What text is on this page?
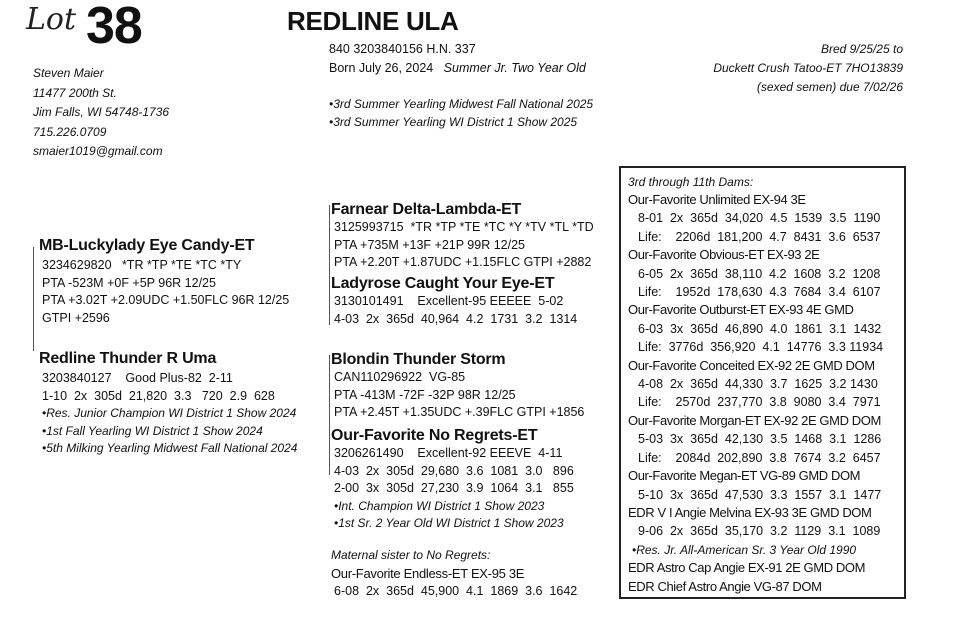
Lot 38	REDLINE ULA
840 3203840156 H.N. 337
Born July 26, 2024 Summer Jr. Two Year Old
•3rd Summer Yearling Midwest Fall National 2025
•3rd Summer Yearling WI District 1 Show 2025
Steven Maier
11477 200th St.
Jim Falls, WI 54748-1736
715.226.0709
smaier1019@gmail.com
Bred 9/25/25 to
Duckett Crush Tatoo-ET 7HO13839
(sexed semen) due 7/02/26
MB-Luckylady Eye Candy-ET
3234629820   *TR *TP *TE *TC *TY
PTA -523M +0F +5P 96R 12/25
PTA +3.02T +2.09UDC +1.50FLC 96R 12/25
GTPI +2596
Redline Thunder R Uma
3203840127    Good Plus-82  2-11
1-10  2x  305d  21,820  3.3   720  2.9  628
•Res. Junior Champion WI District 1 Show 2024
•1st Fall Yearling WI District 1 Show 2024
•5th Milking Yearling Midwest Fall National 2024
Farnear Delta-Lambda-ET
3125993715  *TR *TP *TE *TC *Y *TV *TL *TD
PTA +735M +13F +21P 99R 12/25
PTA +2.20T +1.87UDC +1.15FLC GTPI +2882
Ladyrose Caught Your Eye-ET
3130101491    Excellent-95 EEEEE  5-02
4-03  2x  365d  40,964  4.2  1731  3.2  1314
Blondin Thunder Storm
CAN110296922  VG-85
PTA -413M -72F -32P 98R 12/25
PTA +2.45T +1.35UDC +.39FLC GTPI +1856
Our-Favorite No Regrets-ET
3206261490    Excellent-92 EEEVE  4-11
4-03  2x  305d  29,680  3.6  1081  3.0   896
2-00  3x  305d  27,230  3.9  1064  3.1   855
•Int. Champion WI District 1 Show 2023
•1st Sr. 2 Year Old WI District 1 Show 2023
Maternal sister to No Regrets:
Our-Favorite Endless-ET EX-95 3E
6-08  2x  365d  45,900  4.1  1869  3.6  1642
3rd through 11th Dams:
Our-Favorite Unlimited EX-94 3E
8-01  2x  365d  34,020  4.5  1539  3.5  1190
Life:    2206d  181,200  4.7  8431  3.6  6537
Our-Favorite Obvious-ET EX-93 2E
6-05  2x  365d  38,110  4.2  1608  3.2  1208
Life:    1952d  178,630  4.3  7684  3.4  6107
Our-Favorite Outburst-ET EX-93 4E GMD
6-03  3x  365d  46,890  4.0  1861  3.1  1432
Life:  3776d  356,920  4.1  14776  3.3 11934
Our-Favorite Conceited EX-92 2E GMD DOM
4-08  2x  365d  44,330  3.7  1625  3.2 1430
Life:    2570d  237,770  3.8  9080  3.4  7971
Our-Favorite Morgan-ET EX-92 2E GMD DOM
5-03  3x  365d  42,130  3.5  1468  3.1  1286
Life:    2084d  202,890  3.8  7674  3.2  6457
Our-Favorite Megan-ET VG-89 GMD DOM
5-10  3x  365d  47,530  3.3  1557  3.1  1477
EDR V I Angie Melvina EX-93 3E GMD DOM
9-06  2x  365d  35,170  3.2  1129  3.1  1089
•Res. Jr. All-American Sr. 3 Year Old 1990
EDR Astro Cap Angie EX-91 2E GMD DOM
EDR Chief Astro Angie VG-87 DOM
